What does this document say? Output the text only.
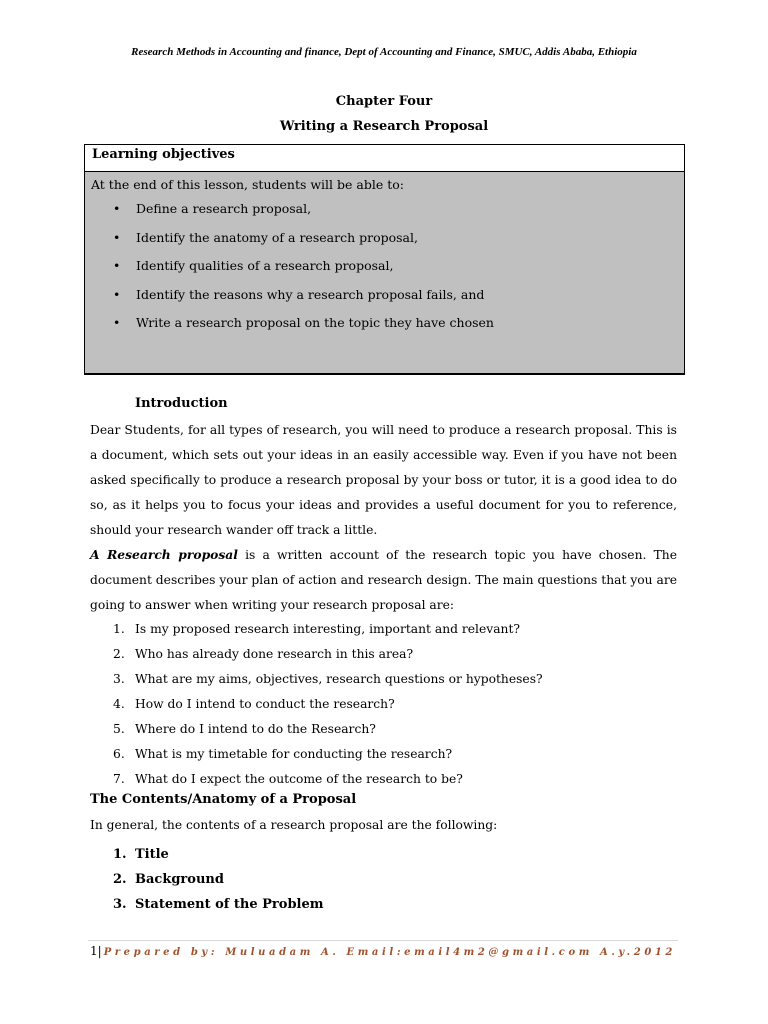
Research Methods in Accounting and finance, Dept of Accounting and Finance, SMUC, Addis Ababa, Ethiopia
Chapter Four
Writing a Research Proposal
Learning objectives
At the end of this lesson, students will be able to:
• Define a research proposal,
• Identify the anatomy of a research proposal,
• Identify qualities of a research proposal,
• Identify the reasons why a research proposal fails, and
• Write a research proposal on the topic they have chosen
Introduction
Dear Students, for all types of research, you will need to produce a research proposal. This is a document, which sets out your ideas in an easily accessible way. Even if you have not been asked specifically to produce a research proposal by your boss or tutor, it is a good idea to do so, as it helps you to focus your ideas and provides a useful document for you to reference, should your research wander off track a little.
A Research proposal is a written account of the research topic you have chosen. The document describes your plan of action and research design. The main questions that you are going to answer when writing your research proposal are:
1. Is my proposed research interesting, important and relevant?
2. Who has already done research in this area?
3. What are my aims, objectives, research questions or hypotheses?
4. How do I intend to conduct the research?
5. Where do I intend to do the Research?
6. What is my timetable for conducting the research?
7. What do I expect the outcome of the research to be?
The Contents/Anatomy of a Proposal
In general, the contents of a research proposal are the following:
1. Title
2. Background
3. Statement of the Problem
1| Prepared by: Muluadam A. Email:email4m2@gmail.com A.y.2012
